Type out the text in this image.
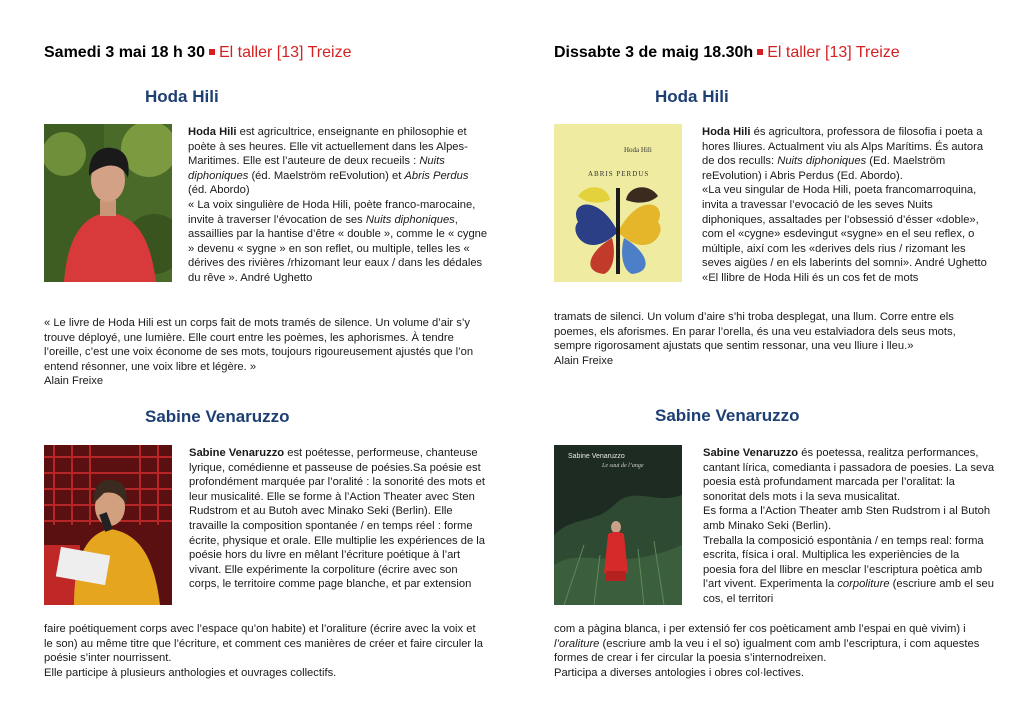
Samedi 3 mai 18 h 30 El taller [13] Treize
Hoda Hili

Hoda Hili est agricultrice, enseignante en philosophie et poète à ses heures. Elle vit actuellement dans les Alpes-Maritimes. Elle est l’auteure de deux recueils : Nuits diphoniques (éd. Maelström reEvolution) et Abris Perdus (éd. Abordo)

« La voix singulière de Hoda Hili, poète franco-marocaine, invite à traverser l’évocation de ses Nuits diphoniques, assaillies par la hantise d’être « double », comme le « cygne » devenu « sygne » en son reflet, ou multiple, telles les « dérives des rivières /rhizomant leur eaux / dans les dédales du rêve ». André Ughetto

« Le livre de Hoda Hili est un corps fait de mots tramés de silence. Un volume d’air s’y trouve déployé, une lumière. Elle court entre les poèmes, les aphorismes. À tendre l’oreille, c’est une voix économe de ses mots, toujours rigoureusement ajustés que l’on entend résonner, une voix libre et légère. »

Alain Freixe

Sabine Venaruzzo

Sabine Venaruzzo est poétesse, performeuse, chanteuse lyrique, comédienne et passeuse de poésies.Sa poésie est profondément marquée par l’oralité : la sonorité des mots et leur musicalité. Elle se forme à l’Action Theater avec Sten Rudstrom et au Butoh avec Minako Seki (Berlin). Elle travaille la composition spontanée / en temps réel : forme écrite, physique et orale. Elle multiplie les expériences de la poésie hors du livre en mêlant l’écriture poétique à l’art vivant. Elle expérimente la corpoliture (écrire avec son corps, le territoire comme page blanche, et par extension

faire poétiquement corps avec l’espace qu’on habite) et l’oraliture (écrire avec la voix et le son) au même titre que l’écriture, et comment ces manières de créer et faire circuler la poésie s’inter nourrissent.

Elle participe à plusieurs anthologies et ouvrages collectifs.

Dissabte 3 de maig 18.30h El taller [13] Treize
Hoda Hili
Hoda Hili
ABRIS PERDUS

Hoda Hili és agricultora, professora de filosofia i poeta a hores lliures. Actualment viu als Alps Marítims. És autora de dos reculls: Nuits diphoniques (Ed. Maelström reEvolution) i Abris Perdus (Ed. Abordo).

«La veu singular de Hoda Hili, poeta francomarroquina, invita a travessar l’evocació de les seves Nuits diphoniques, assaltades per l’obsessió d’ésser «doble», com el «cygne» esdevingut «sygne» en el seu reflex, o múltiple, així com les «derives dels rius / rizomant les seves aigües / en els laberints del somni». André Ughetto

«El llibre de Hoda Hili és un cos fet de mots

tramats de silenci. Un volum d’aire s’hi troba desplegat, una llum. Corre entre els poemes, els aforismes. En parar l’orella, és una veu estalviadora dels seus mots, sempre rigorosament ajustats que sentim ressonar, una veu lliure i lleu.»

Alain Freixe

Sabine Venaruzzo
Sabine Venaruzzo
Le saut de l’ange

Sabine Venaruzzo és poetessa, realitza performances, cantant lírica, comedianta i passadora de poesies. La seva poesia està profundament marcada per l’oralitat: la sonoritat dels mots i la seva musicalitat.

Es forma a l’Action Theater amb Sten Rudstrom i al Butoh amb Minako Seki (Berlin).

Treballa la composició espontània / en temps real: forma escrita, física i oral. Multiplica les experiències de la poesia fora del llibre en mesclar l’escriptura poètica amb l’art vivent. Experimenta la corpoliture (escriure amb el seu cos, el territori

com a pàgina blanca, i per extensió fer cos poèticament amb l’espai en què vivim) i l’oraliture (escriure amb la veu i el so) igualment com amb l’escriptura, i com aquestes formes de crear i fer circular la poesia s’internodreixen.

Participa a diverses antologies i obres col·lectives.
